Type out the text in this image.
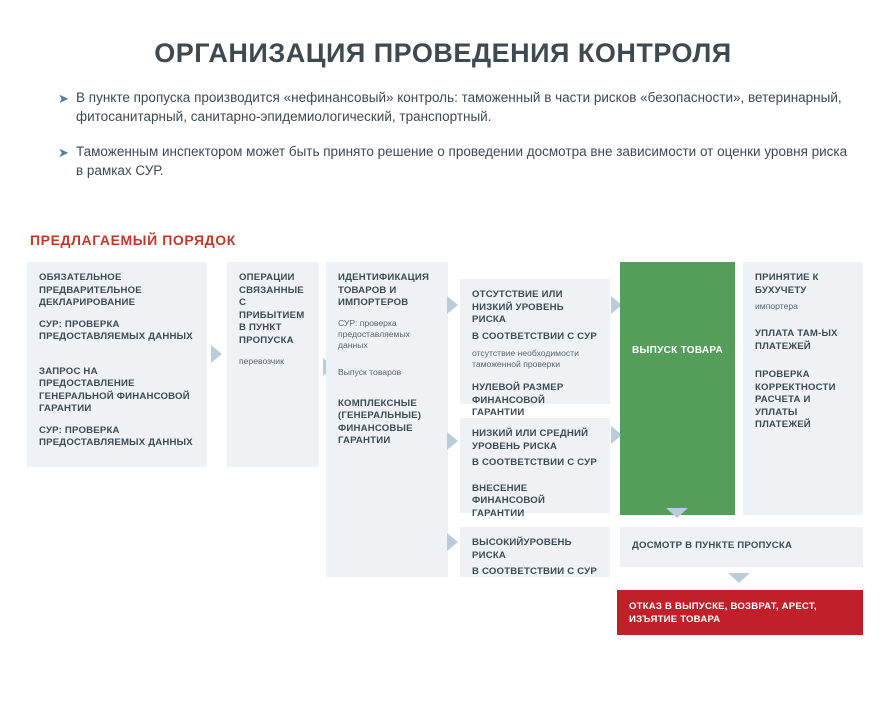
ОРГАНИЗАЦИЯ ПРОВЕДЕНИЯ КОНТРОЛЯ
➤ В пункте пропуска производится «нефинансовый» контроль: таможенный в части рисков «безопасности», ветеринарный, фитосанитарный, санитарно-эпидемиологический, транспортный.
➤ Таможенным инспектором может быть принято решение о проведении досмотра вне зависимости от оценки уровня риска в рамках СУР.
ПРЕДЛАГАЕМЫЙ ПОРЯДОК
ОБЯЗАТЕЛЬНОЕ ПРЕДВАРИТЕЛЬНОЕ ДЕКЛАРИРОВАНИЕ
СУР: ПРОВЕРКА ПРЕДОСТАВЛЯЕМЫХ ДАННЫХ
ЗАПРОС НА ПРЕДОСТАВЛЕНИЕ ГЕНЕРАЛЬНОЙ ФИНАНСОВОЙ ГАРАНТИИ
СУР: ПРОВЕРКА ПРЕДОСТАВЛЯЕМЫХ ДАННЫХ
ОПЕРАЦИИ СВЯЗАННЫЕ С ПРИБЫТИЕМ В ПУНКТ ПРОПУСКА
перевозчик
ИДЕНТИФИКАЦИЯ ТОВАРОВ И ИМПОРТЕРОВ
СУР: проверка предоставляемых данных
Выпуск товаров
КОМПЛЕКСНЫЕ (ГЕНЕРАЛЬНЫЕ) ФИНАНСОВЫЕ ГАРАНТИИ
ОТСУТСТВИЕ ИЛИ НИЗКИЙ УРОВЕНЬ РИСКА
В СООТВЕТСТВИИ С СУР
отсутствие необходимости таможенной проверки
НУЛЕВОЙ РАЗМЕР ФИНАНСОВОЙ ГАРАНТИИ
НИЗКИЙ ИЛИ СРЕДНИЙ УРОВЕНЬ РИСКА
В СООТВЕТСТВИИ С СУР
ВНЕСЕНИЕ ФИНАНСОВОЙ ГАРАНТИИ
ВЫСОКИЙУРОВЕНЬ РИСКА
В СООТВЕТСТВИИ С СУР
ВЫПУСК ТОВАРА
ПРИНЯТИЕ К БУХУЧЕТУ
импортера
УПЛАТА ТАМ-ЫХ ПЛАТЕЖЕЙ
ПРОВЕРКА КОРРЕКТНОСТИ РАСЧЕТА И УПЛАТЫ ПЛАТЕЖЕЙ
ДОСМОТР В ПУНКТЕ ПРОПУСКА
ОТКАЗ В ВЫПУСКЕ, ВОЗВРАТ, АРЕСТ, ИЗЪЯТИЕ ТОВАРА
